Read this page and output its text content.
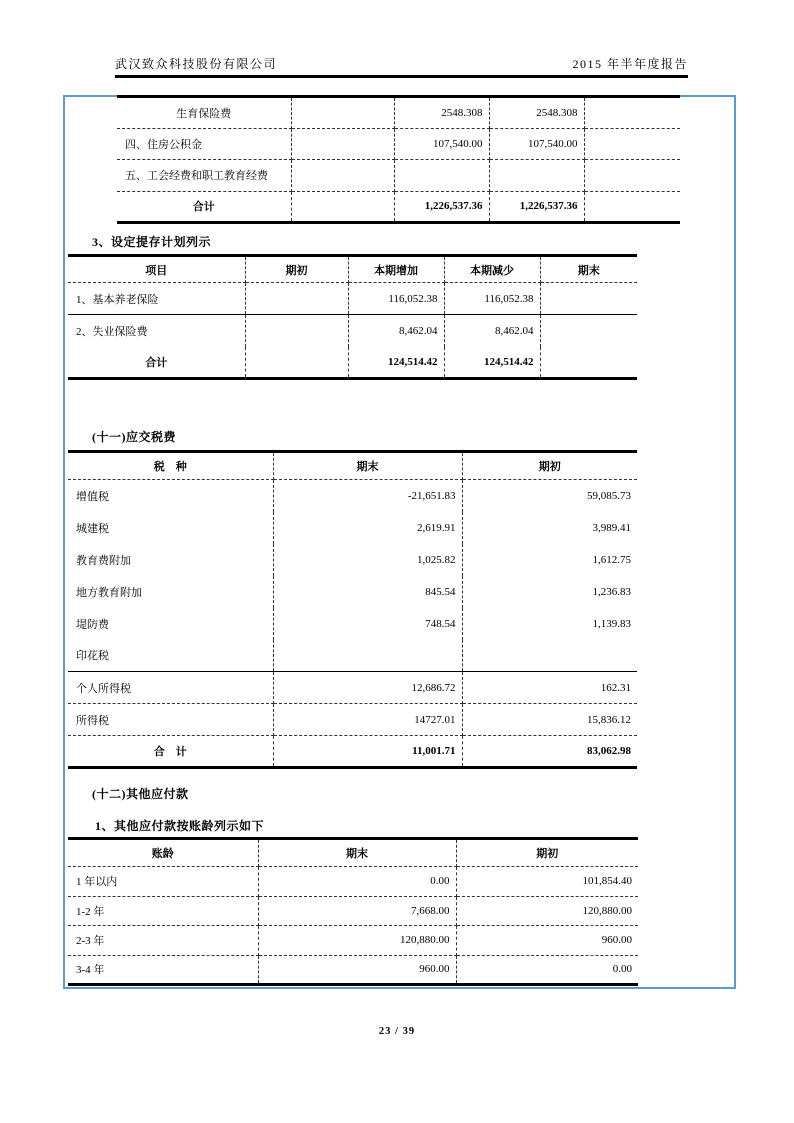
武汉致众科技股份有限公司	2015 年半年度报告
生育保险费		2548.308	2548.308	
四、住房公积金		107,540.00	107,540.00	
五、工会经费和职工教育经费				
合计		1,226,537.36	1,226,537.36	
3、设定提存计划列示
项目	期初	本期增加	本期减少	期末
1、基本养老保险		116,052.38	116,052.38	
2、失业保险费		8,462.04	8,462.04	
合计		124,514.42	124,514.42	
(十一)应交税费
税　种	期末	期初
增值税	-21,651.83	59,085.73
城建税	2,619.91	3,989.41
教育费附加	1,025.82	1,612.75
地方教育附加	845.54	1,236.83
堤防费	748.54	1,139.83
印花税		
个人所得税	12,686.72	162.31
所得税	14727.01	15,836.12
合　计	11,001.71	83,062.98
(十二)其他应付款
1、其他应付款按账龄列示如下
账龄	期末	期初
1 年以内	0.00	101,854.40
1-2 年	7,668.00	120,880.00
2-3 年	120,880.00	960.00
3-4 年	960.00	0.00
23 / 39
